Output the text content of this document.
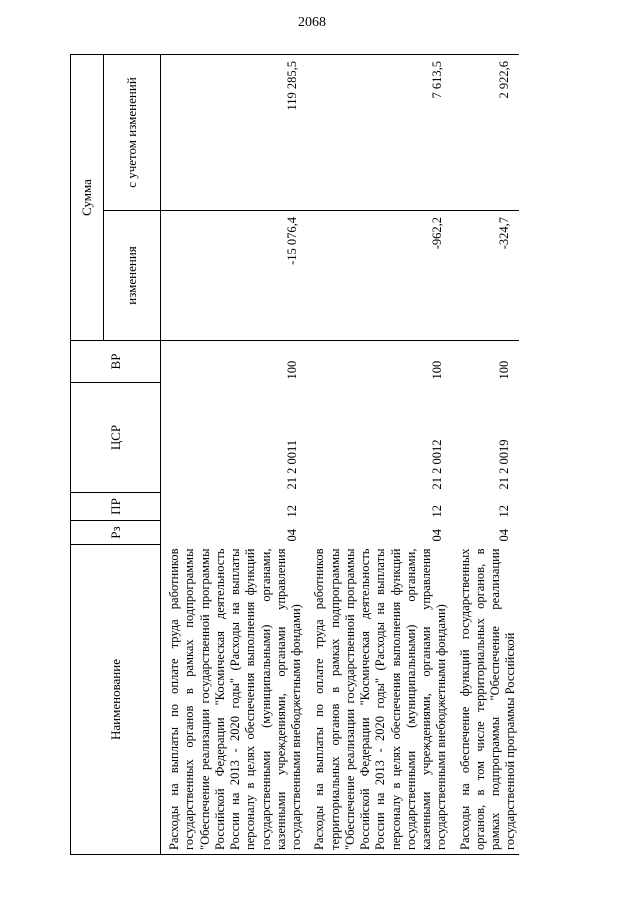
2068
Наименование	Рз	ПР	ЦСР	ВР	Сумма	
					изменения	с учетом изменений
Расходы на выплаты по оплате труда работников государственных органов в рамках подпрограммы "Обеспечение реализации государственной программы Российской Федерации "Космическая деятельность России на 2013 - 2020 годы" (Расходы на выплаты персоналу в целях обеспечения выполнения функций государственными (муниципальными) органами, казенными учреждениями, органами управления государственными внебюджетными фондами)	04	12	21 2 0011	100	-15 076,4	119 285,5
Расходы на выплаты по оплате труда работников территориальных органов в рамках подпрограммы "Обеспечение реализации государственной программы Российской Федерации "Космическая деятельность России на 2013 - 2020 годы" (Расходы на выплаты персоналу в целях обеспечения выполнения функций государственными (муниципальными) органами, казенными учреждениями, органами управления государственными внебюджетными фондами)	04	12	21 2 0012	100	-962,2	7 613,5
Расходы на обеспечение функций государственных органов, в том числе территориальных органов, в рамках подпрограммы "Обеспечение реализации государственной программы Российской	04	12	21 2 0019	100	-324,7	2 922,6
